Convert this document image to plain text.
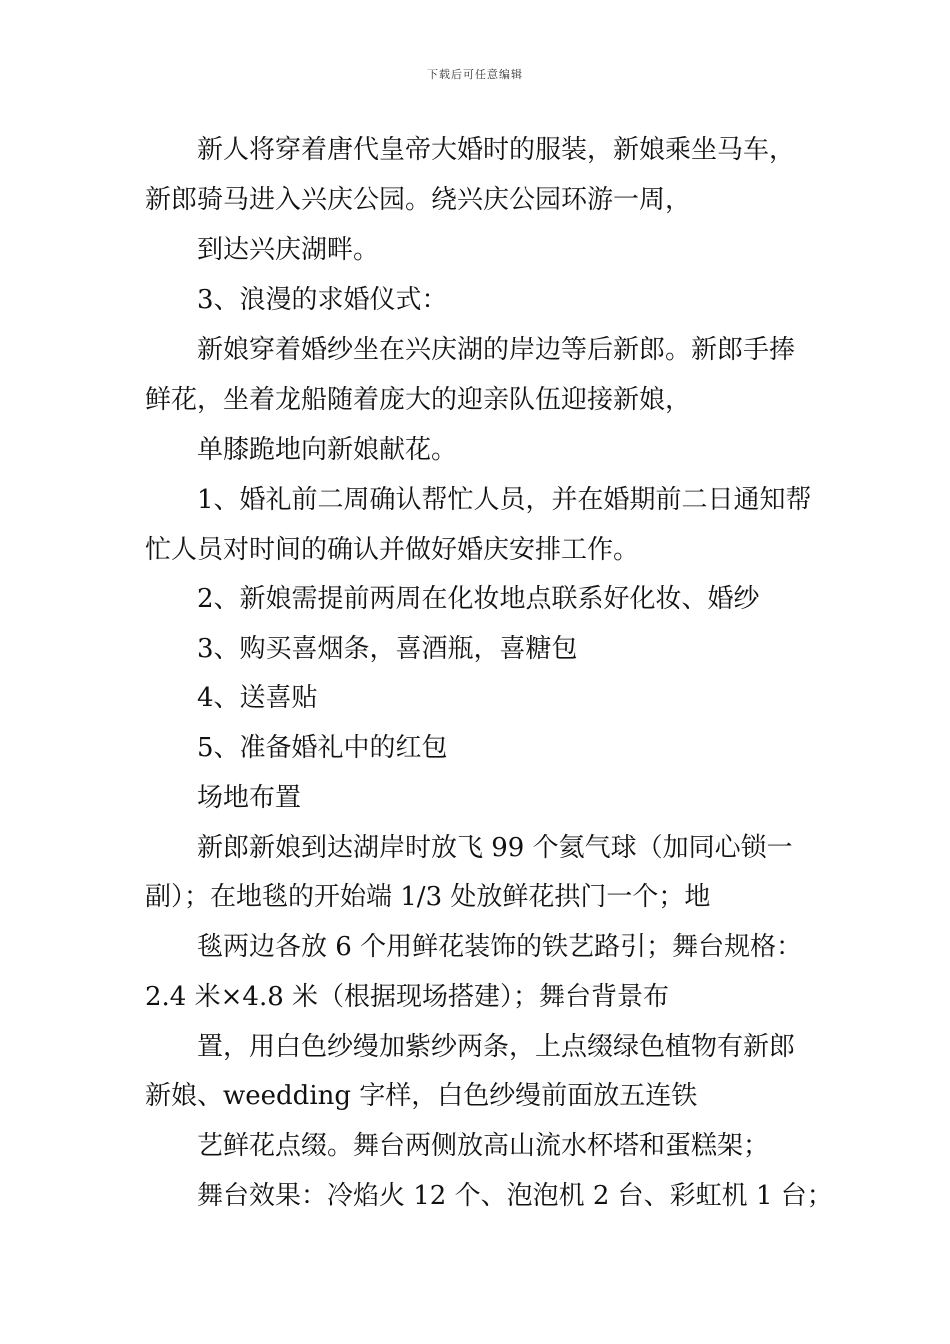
下载后可任意编辑
新人将穿着唐代皇帝大婚时的服装，新娘乘坐马车，
新郎骑马进入兴庆公园。绕兴庆公园环游一周，
到达兴庆湖畔。
3、浪漫的求婚仪式：
新娘穿着婚纱坐在兴庆湖的岸边等后新郎。新郎手捧
鲜花，坐着龙船随着庞大的迎亲队伍迎接新娘，
单膝跪地向新娘献花。
1、婚礼前二周确认帮忙人员，并在婚期前二日通知帮
忙人员对时间的确认并做好婚庆安排工作。
2、新娘需提前两周在化妆地点联系好化妆、婚纱
3、购买喜烟条，喜酒瓶，喜糖包
4、送喜贴
5、准备婚礼中的红包
场地布置
新郎新娘到达湖岸时放飞 99 个氦气球（加同心锁一
副）；在地毯的开始端 1/3 处放鲜花拱门一个；地
毯两边各放 6 个用鲜花装饰的铁艺路引；舞台规格：
2.4 米×4.8 米（根据现场搭建）；舞台背景布
置，用白色纱缦加紫纱两条，上点缀绿色植物有新郎
新娘、weedding 字样，白色纱缦前面放五连铁
艺鲜花点缀。舞台两侧放高山流水杯塔和蛋糕架；
舞台效果：冷焰火 12 个、泡泡机 2 台、彩虹机 1 台；
